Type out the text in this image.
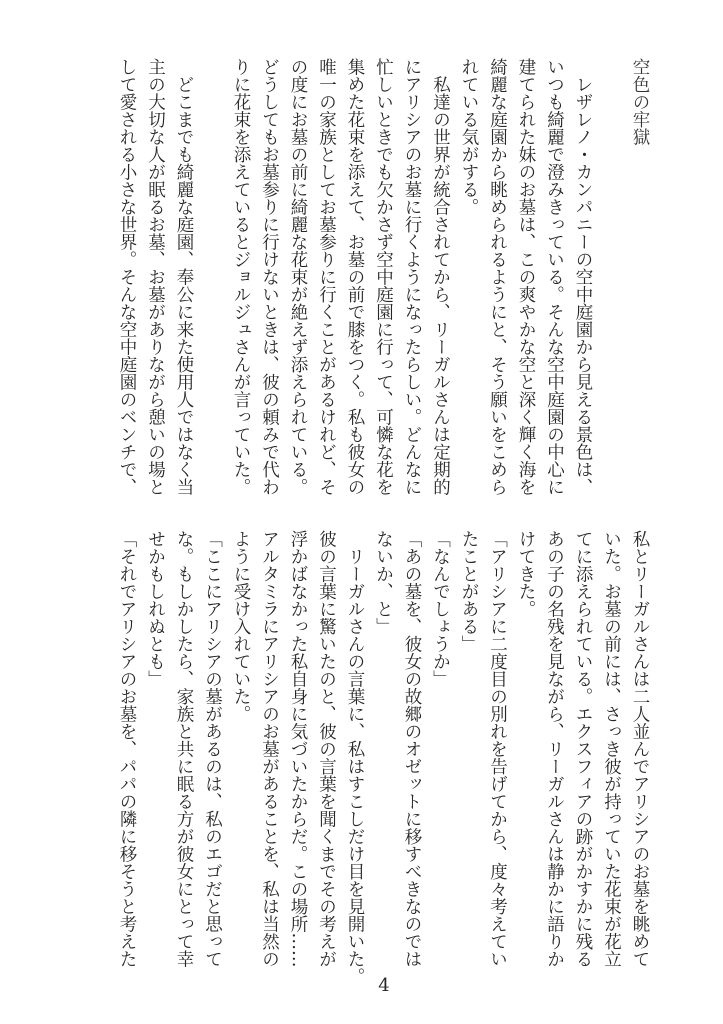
空色の牢獄
　レザレノ・カンパニーの空中庭園から見える景色は、
いつも綺麗で澄みきっている。そんな空中庭園の中心に
建てられた妹のお墓は、この爽やかな空と深く輝く海を
綺麗な庭園から眺められるようにと、そう願いをこめら
れている気がする。
　私達の世界が統合されてから、リーガルさんは定期的
にアリシアのお墓に行くようになったらしい。どんなに
忙しいときでも欠かさず空中庭園に行って、可憐な花を
集めた花束を添えて、お墓の前で膝をつく。私も彼女の
唯一の家族としてお墓参りに行くことがあるけれど、そ
の度にお墓の前に綺麗な花束が絶えず添えられている。
どうしてもお墓参りに行けないときは、彼の頼みで代わ
りに花束を添えているとジョルジュさんが言っていた。
　どこまでも綺麗な庭園、奉公に来た使用人ではなく当
主の大切な人が眠るお墓、お墓がありながら憩いの場と
して愛される小さな世界。そんな空中庭園のベンチで、
私とリーガルさんは二人並んでアリシアのお墓を眺めて
いた。お墓の前には、さっき彼が持っていた花束が花立
てに添えられている。エクスフィアの跡がかすかに残る
あの子の名残を見ながら、リーガルさんは静かに語りか
けてきた。
「アリシアに二度目の別れを告げてから、度々考えてい
たことがある」
「なんでしょうか」
「あの墓を、彼女の故郷のオゼットに移すべきなのでは
ないか、と」
　リーガルさんの言葉に、私はすこしだけ目を見開いた。
彼の言葉に驚いたのと、彼の言葉を聞くまでその考えが
浮かばなかった私自身に気づいたからだ。この場所……
アルタミラにアリシアのお墓があることを、私は当然の
ように受け入れていた。
「ここにアリシアの墓があるのは、私のエゴだと思って
な。もしかしたら、家族と共に眠る方が彼女にとって幸
せかもしれぬとも」
「それでアリシアのお墓を、パパの隣に移そうと考えた
4
